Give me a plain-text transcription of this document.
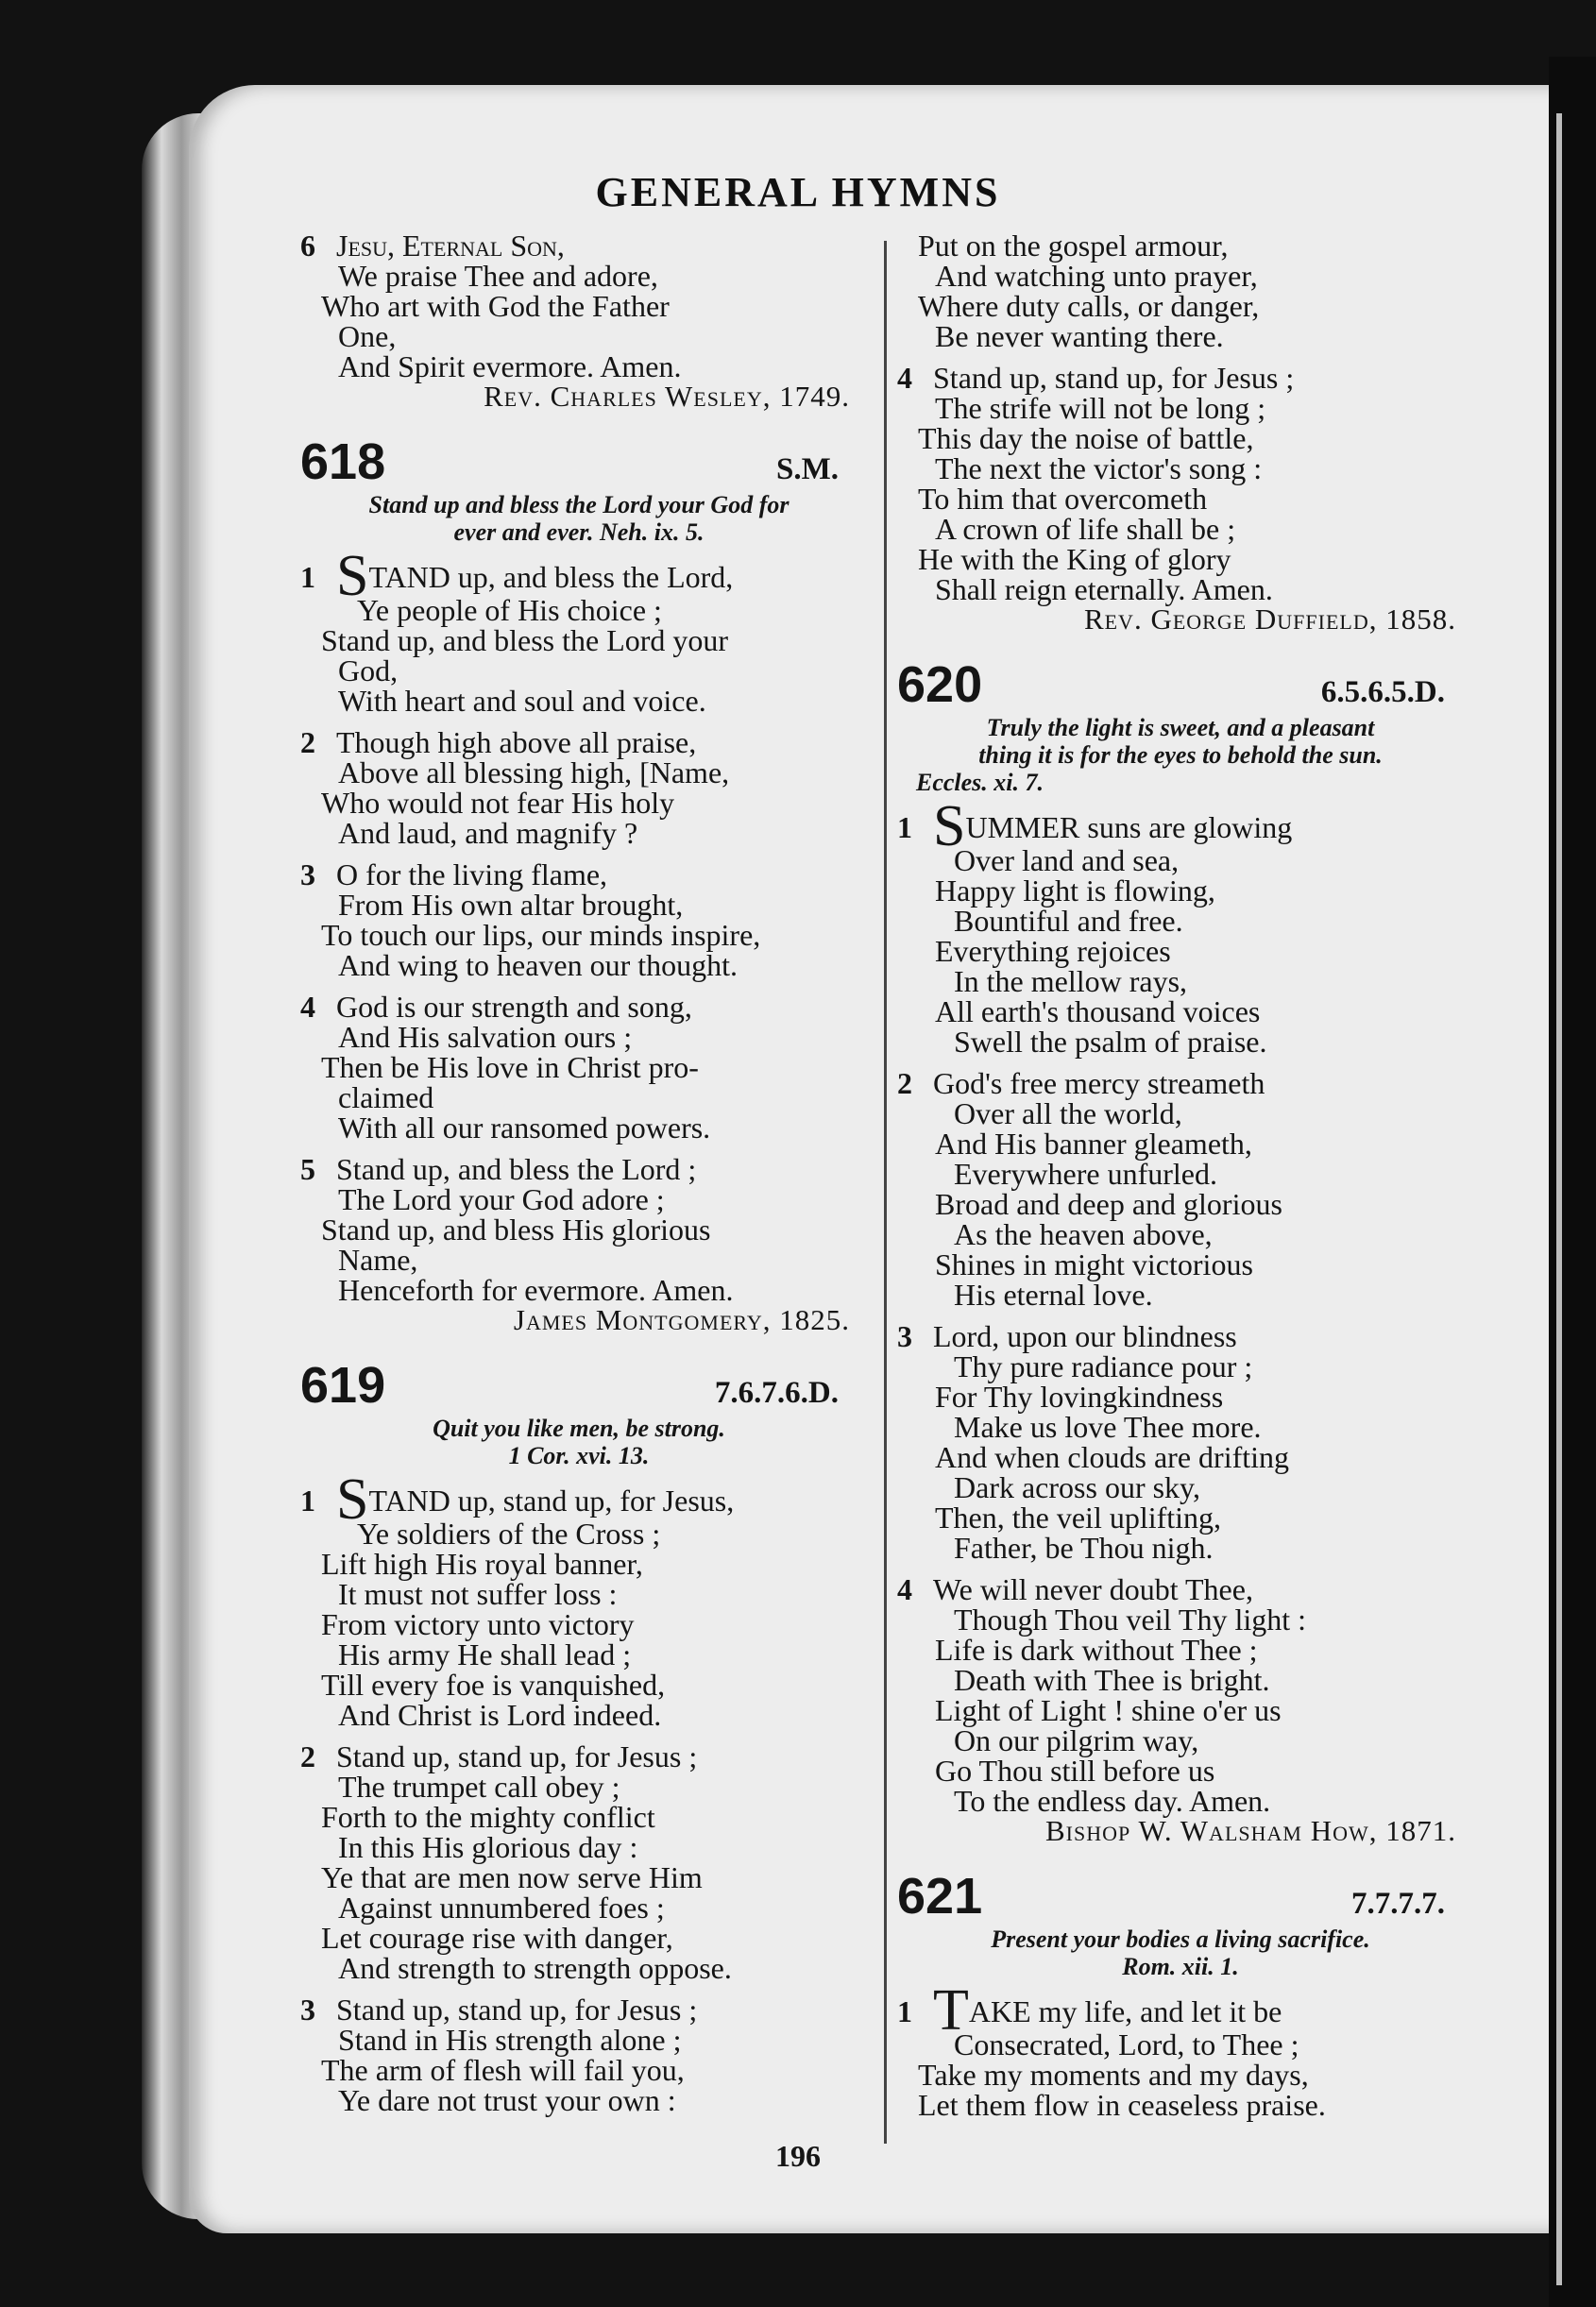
GENERAL HYMNS
6 Jesu, Eternal Son,
We praise Thee and adore,
Who art with God the Father
One,
And Spirit evermore. Amen.
Rev. Charles Wesley, 1749.
618	S.M.
Stand up and bless the Lord your God for
ever and ever. Neh. ix. 5.
1 STAND up, and bless the Lord,
Ye people of His choice ;
Stand up, and bless the Lord your
God,
With heart and soul and voice.
2 Though high above all praise,
Above all blessing high, [Name,
Who would not fear His holy
And laud, and magnify ?
3 O for the living flame,
From His own altar brought,
To touch our lips, our minds inspire,
And wing to heaven our thought.
4 God is our strength and song,
And His salvation ours ;
Then be His love in Christ pro-
claimed
With all our ransomed powers.
5 Stand up, and bless the Lord ;
The Lord your God adore ;
Stand up, and bless His glorious
Name,
Henceforth for evermore. Amen.
James Montgomery, 1825.
619	7.6.7.6.D.
Quit you like men, be strong.
1 Cor. xvi. 13.
1 STAND up, stand up, for Jesus,
Ye soldiers of the Cross ;
Lift high His royal banner,
It must not suffer loss :
From victory unto victory
His army He shall lead ;
Till every foe is vanquished,
And Christ is Lord indeed.
2 Stand up, stand up, for Jesus ;
The trumpet call obey ;
Forth to the mighty conflict
In this His glorious day :
Ye that are men now serve Him
Against unnumbered foes ;
Let courage rise with danger,
And strength to strength oppose.
3 Stand up, stand up, for Jesus ;
Stand in His strength alone ;
The arm of flesh will fail you,
Ye dare not trust your own :
Put on the gospel armour,
And watching unto prayer,
Where duty calls, or danger,
Be never wanting there.
4 Stand up, stand up, for Jesus ;
The strife will not be long ;
This day the noise of battle,
The next the victor's song :
To him that overcometh
A crown of life shall be ;
He with the King of glory
Shall reign eternally. Amen.
Rev. George Duffield, 1858.
620	6.5.6.5.D.
Truly the light is sweet, and a pleasant
thing it is for the eyes to behold the sun.
Eccles. xi. 7.
1 SUMMER suns are glowing
Over land and sea,
Happy light is flowing,
Bountiful and free.
Everything rejoices
In the mellow rays,
All earth's thousand voices
Swell the psalm of praise.
2 God's free mercy streameth
Over all the world,
And His banner gleameth,
Everywhere unfurled.
Broad and deep and glorious
As the heaven above,
Shines in might victorious
His eternal love.
3 Lord, upon our blindness
Thy pure radiance pour ;
For Thy lovingkindness
Make us love Thee more.
And when clouds are drifting
Dark across our sky,
Then, the veil uplifting,
Father, be Thou nigh.
4 We will never doubt Thee,
Though Thou veil Thy light :
Life is dark without Thee ;
Death with Thee is bright.
Light of Light ! shine o'er us
On our pilgrim way,
Go Thou still before us
To the endless day. Amen.
Bishop W. Walsham How, 1871.
621	7.7.7.7.
Present your bodies a living sacrifice.
Rom. xii. 1.
1 TAKE my life, and let it be
Consecrated, Lord, to Thee ;
Take my moments and my days,
Let them flow in ceaseless praise.
196
